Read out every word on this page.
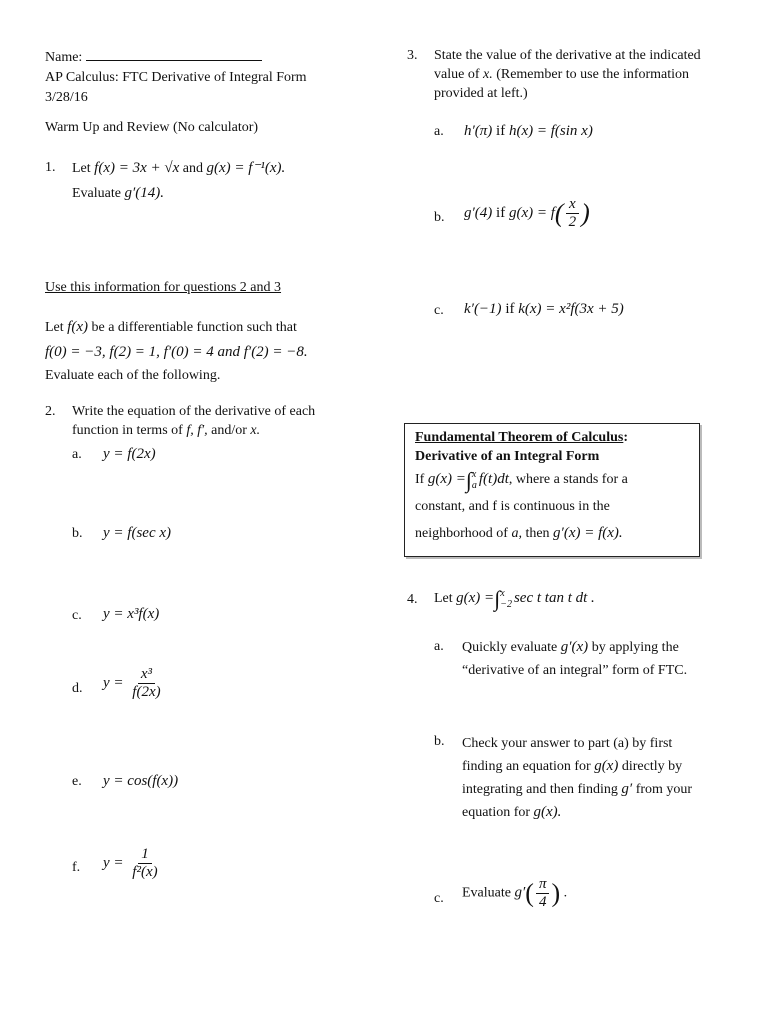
Name:
AP Calculus: FTC Derivative of Integral Form
3/28/16
Warm Up and Review (No calculator)
1. Let f(x) = 3x + √x and g(x) = f⁻¹(x).
Evaluate g′(14).
Use this information for questions 2 and 3
Let f(x) be a differentiable function such that
f(0) = −3, f(2) = 1, f′(0) = 4 and f′(2) = −8.
Evaluate each of the following.
2. Write the equation of the derivative of each
function in terms of f, f′, and/or x.
a. y = f(2x)
b. y = f(sec x)
c. y = x³f(x)
d. $y = \frac{\text{x³}}{f(2x)}$
e. y = cos(f(x))
f. $y = \frac{1}{\text{f²(x)}}$
3. State the value of the derivative at the indicated
value of x. (Remember to use the information
provided at left.)
a. h′(π) if h(x) = f(sin x)
b. g′(4) if $g(x) = f( \frac{x}{2}$ )
c. k′(−1) if k(x) = x²f(3x + 5)
Fundamental Theorem of Calculus:
Derivative of an Integral Form
If g(x) =∫ x
a f(t)dt, where a stands for a
constant, and f is continuous in the
neighborhood of a, then g′(x) = f(x).
4. Let g(x) =∫ x
−2 sec t tan t dt .
a. Quickly evaluate g′(x) by applying the
“derivative of an integral” form of FTC.
b. Check your answer to part (a) by first
finding an equation for g(x) directly by
integrating and then finding g′ from your
equation for g(x).
c. Evaluate $g'( \frac{\pi}{4}$ ) .
